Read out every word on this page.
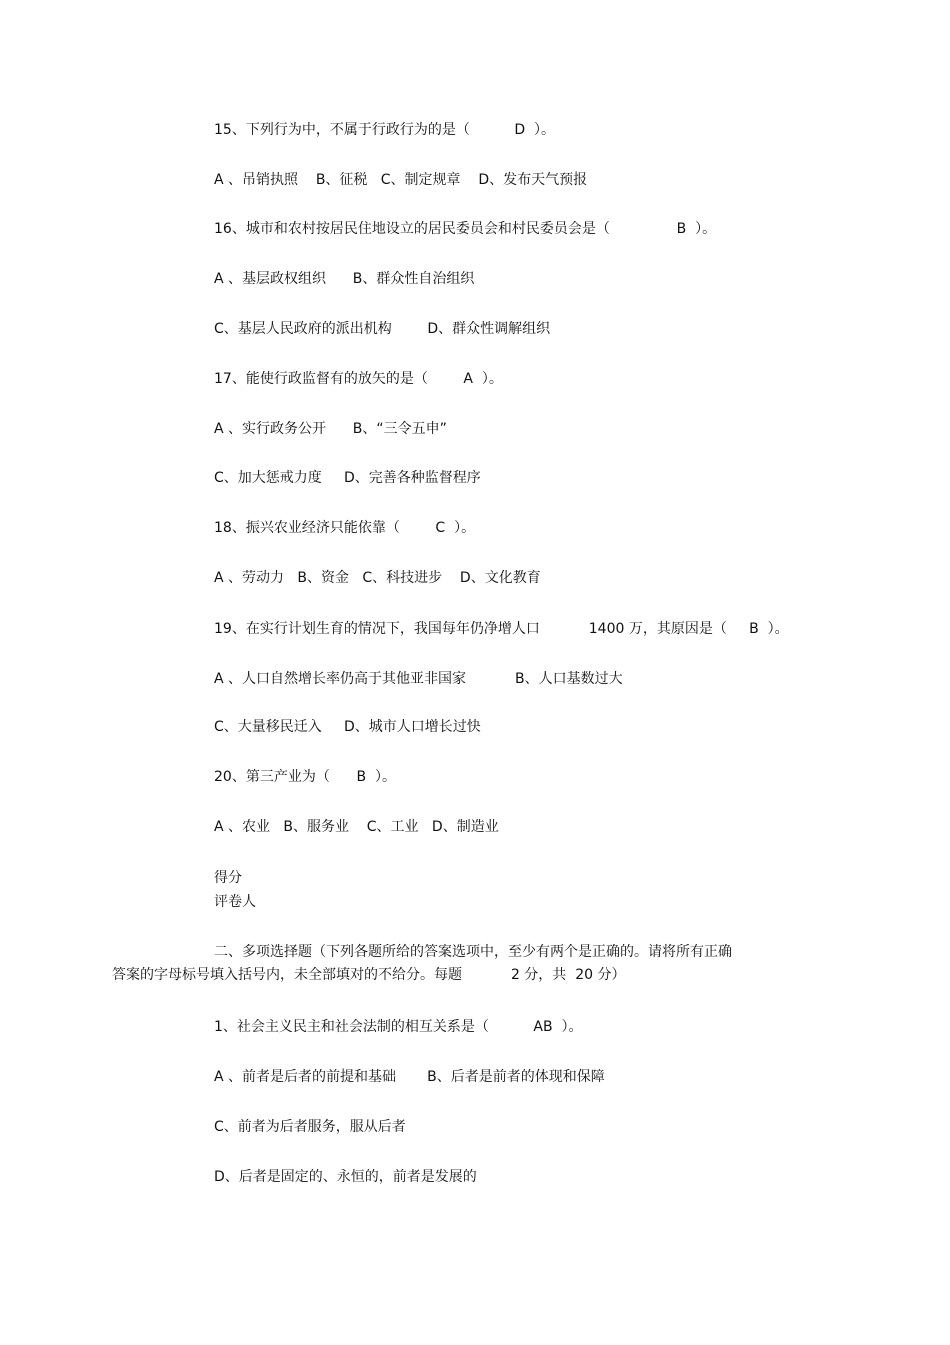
15、下列行为中，不属于行政行为的是（          D  ）。
A 、吊销执照    B、征税   C、制定规章    D、发布天气预报
16、城市和农村按居民住地设立的居民委员会和村民委员会是（               B  ）。
A 、基层政权组织      B、群众性自治组织
C、基层人民政府的派出机构        D、群众性调解组织
17、能使行政监督有的放矢的是（        A  ）。
A 、实行政务公开      B、“三令五申”
C、加大惩戒力度     D、完善各种监督程序
18、振兴农业经济只能依靠（        C  ）。
A 、劳动力   B、资金   C、科技进步    D、文化教育
19、在实行计划生育的情况下，我国每年仍净增人口           1400 万，其原因是（     B  ）。
A 、人口自然增长率仍高于其他亚非国家           B、人口基数过大
C、大量移民迁入     D、城市人口增长过快
20、第三产业为（      B  ）。
A 、农业   B、服务业    C、工业   D、制造业
得分
评卷人
二、多项选择题（下列各题所给的答案选项中，至少有两个是正确的。请将所有正确
答案的字母标号填入括号内，未全部填对的不给分。每题           2 分，共  20 分）
1、社会主义民主和社会法制的相互关系是（          AB  ）。
A 、前者是后者的前提和基础       B、后者是前者的体现和保障
C、前者为后者服务，服从后者
D、后者是固定的、永恒的，前者是发展的
